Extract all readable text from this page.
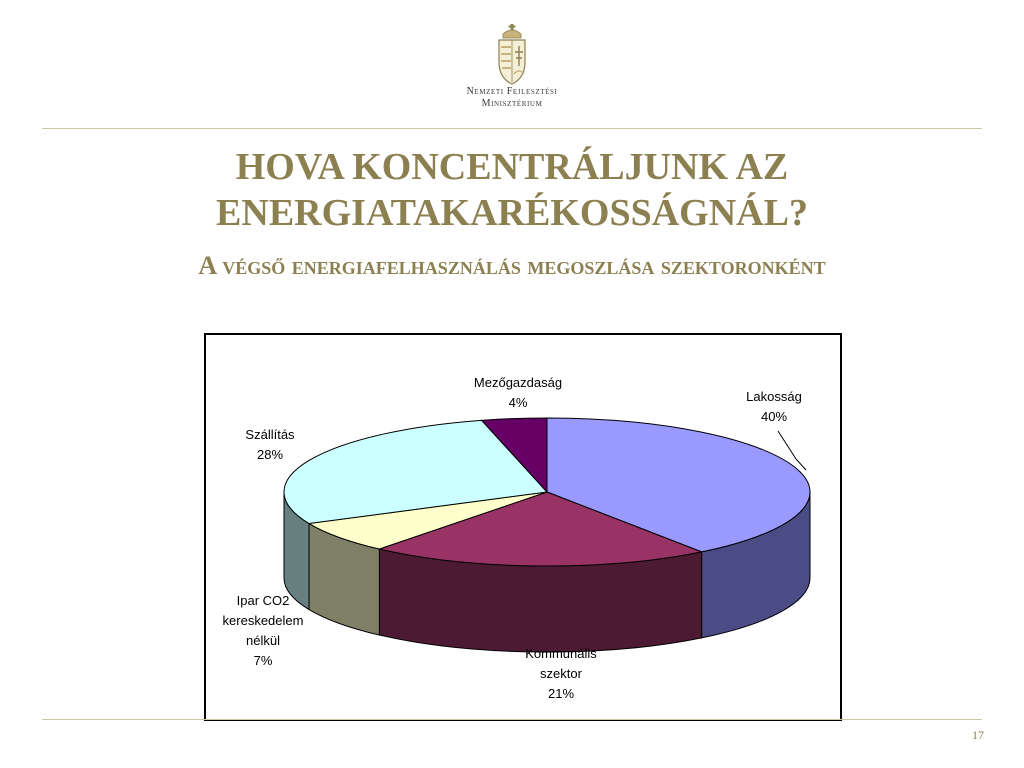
Nemzeti Fejlesztési
Minisztérium
HOVA KONCENTRÁLJUNK AZ
ENERGIATAKARÉKOSSÁGNÁL?
A végső energiafelhasználás megoszlása szektoronként
Lakosság 40%
Kommunális szektor 21%
Ipar CO2 kereskedelem nélkül 7%
Szállítás 28%
Mezőgazdaság 4%
17
